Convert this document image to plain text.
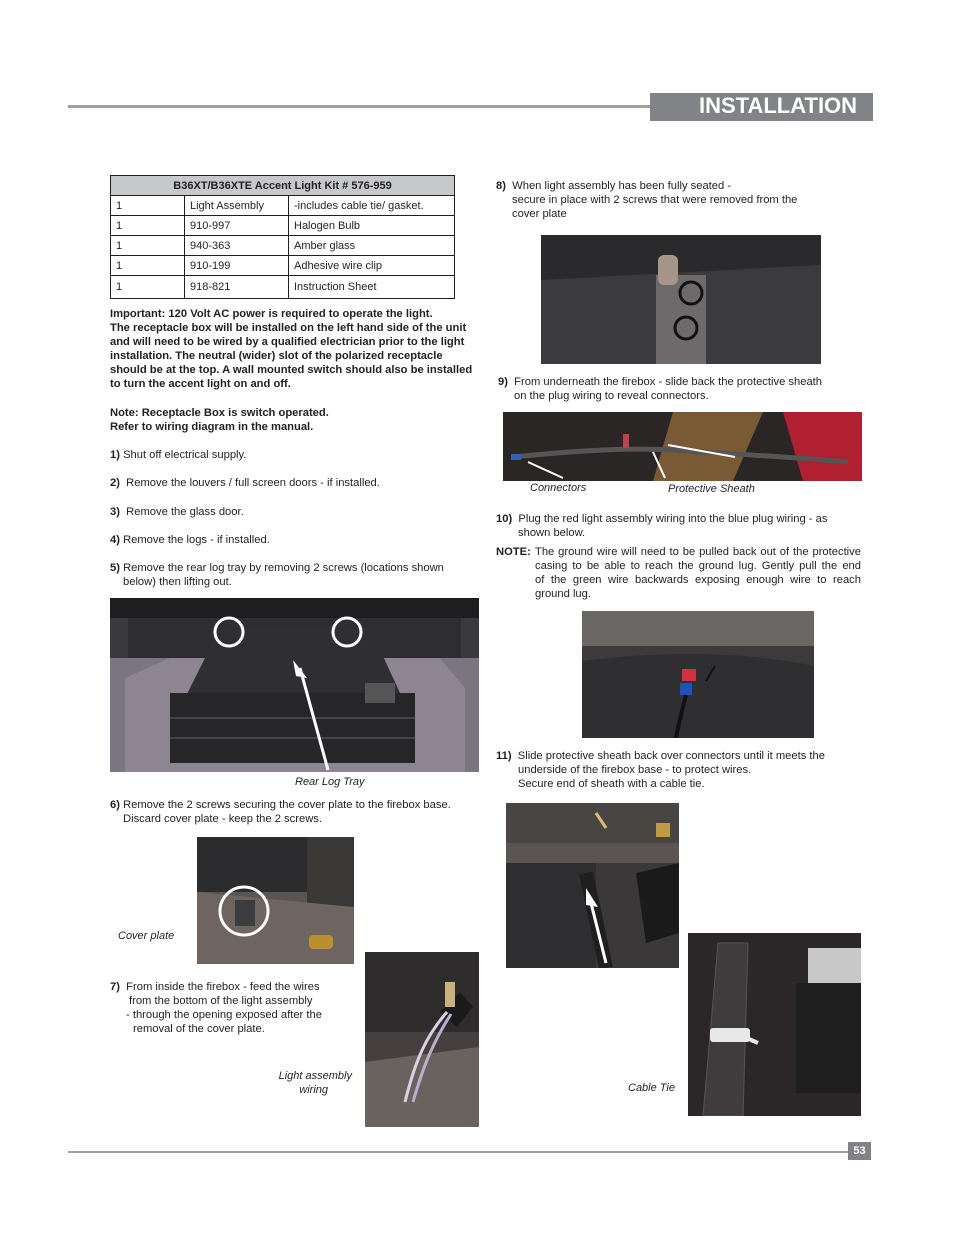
INSTALLATION
B36XT/B36XTE Accent Light Kit # 576-959		
1	Light Assembly	-includes cable tie/ gasket.
1	910-997	Halogen Bulb
1	940-363	Amber glass
1	910-199	Adhesive wire clip
1	918-821	Instruction Sheet
Important: 120 Volt AC power is required to operate the light.
The receptacle box will be installed on the left hand side of the unit
and will need to be wired by a qualified electrician prior to the light
installation. The neutral (wider) slot of the polarized receptacle
should be at the top. A wall mounted switch should also be installed
to turn the accent light on and off.
Note: Receptacle Box is switch operated.
Refer to wiring diagram in the manual.
1) Shut off electrical supply.
2) Remove the louvers / full screen doors - if installed.
3) Remove the glass door.
4) Remove the logs - if installed.
5) Remove the rear log tray by removing 2 screws (locations shown
below) then lifting out.
Rear Log Tray
6) Remove the 2 screws securing the cover plate to the firebox base.
Discard cover plate - keep the 2 screws.
Cover plate
7) From inside the firebox - feed the wires
from the bottom of the light assembly
- through the opening exposed after the
removal of the cover plate.
Light assembly
wiring
8) When light assembly has been fully seated -
secure in place with 2 screws that were removed from the
cover plate
9) From underneath the firebox - slide back the protective sheath
on the plug wiring to reveal connectors.
Connectors	Protective Sheath
10) Plug the red light assembly wiring into the blue plug wiring - as
shown below.
NOTE: The ground wire will need to be pulled back out of the protective
casing to be able to reach the ground lug. Gently pull the end
of the green wire backwards exposing enough wire to reach
ground lug.
11) Slide protective sheath back over connectors until it meets the
underside of the firebox base - to protect wires.
Secure end of sheath with a cable tie.
Cable Tie
53
